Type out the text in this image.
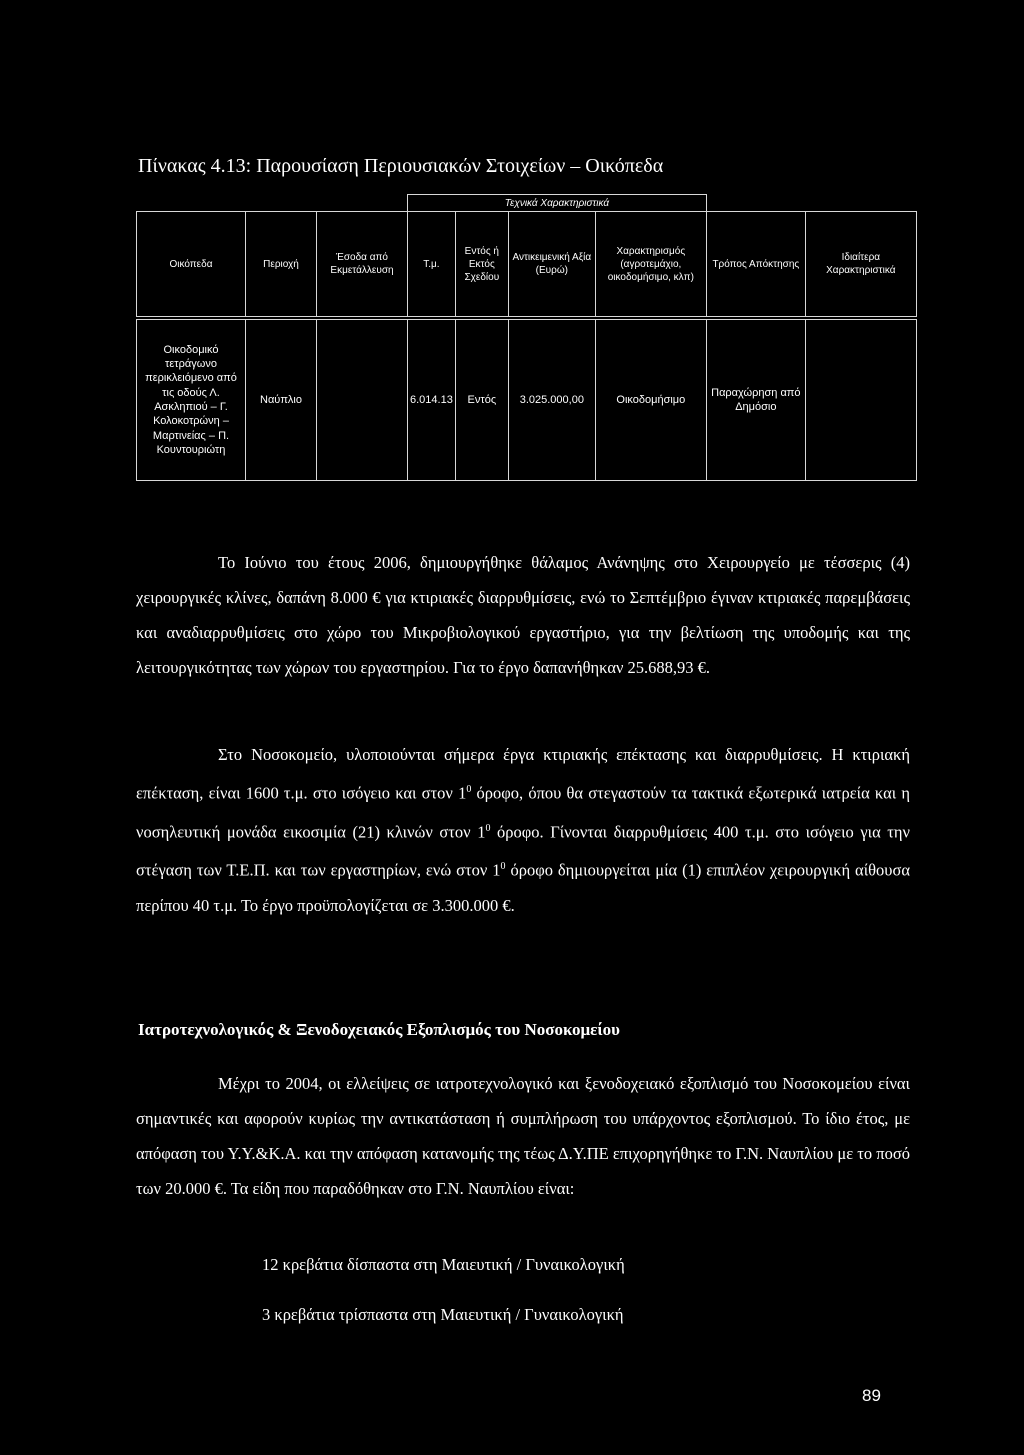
Πίνακας 4.13: Παρουσίαση Περιουσιακών Στοιχείων – Οικόπεδα
			Τεχνικά Χαρακτηριστικά					
Οικόπεδα	Περιοχή	Έσοδα από Εκμετάλλευση	Τ.μ.	Εντός ή Εκτός Σχεδίου	Αντικειμενική Αξία (Ευρώ)	Χαρακτηρισμός (αγροτεμάχιο, οικοδομήσιμο, κλπ)	Τρόπος Απόκτησης	Ιδιαίτερα Χαρακτηριστικά

Οικοδομικό τετράγωνο περικλειόμενο από τις οδούς Λ. Ασκληπιού – Γ. Κολοκοτρώνη – Μαρτινείας – Π. Κουντουριώτη	Ναύπλιο		6.014.13	Εντός	3.025.000,00	Οικοδομήσιμο	Παραχώρηση από Δημόσιο	

Το Ιούνιο του έτους 2006, δημιουργήθηκε θάλαμος Ανάνηψης στο Χειρουργείο με τέσσερις (4) χειρουργικές κλίνες, δαπάνη 8.000 € για κτιριακές διαρρυθμίσεις, ενώ το Σεπτέμβριο έγιναν κτιριακές παρεμβάσεις και αναδιαρρυθμίσεις στο χώρο του Μικροβιολογικού εργαστήριο, για την βελτίωση της υποδομής και της λειτουργικότητας των χώρων του εργαστηρίου. Για το έργο δαπανήθηκαν 25.688,93 €.

Στο Νοσοκομείο, υλοποιούνται σήμερα έργα κτιριακής επέκτασης και διαρρυθμίσεις. Η κτιριακή επέκταση, είναι 1600 τ.μ. στο ισόγειο και στον $1^0$ όροφο, όπου θα στεγαστούν τα τακτικά εξωτερικά ιατρεία και η νοσηλευτική μονάδα εικοσιμία (21) κλινών στον $1^0$ όροφο. Γίνονται διαρρυθμίσεις 400 τ.μ. στο ισόγειο για την στέγαση των Τ.Ε.Π. και των εργαστηρίων, ενώ στον $1^0$ όροφο δημιουργείται μία (1) επιπλέον χειρουργική αίθουσα περίπου 40 τ.μ. Το έργο προϋπολογίζεται σε 3.300.000 €.

Ιατροτεχνολογικός & Ξενοδοχειακός Εξοπλισμός του Νοσοκομείου

Μέχρι το 2004, οι ελλείψεις σε ιατροτεχνολογικό και ξενοδοχειακό εξοπλισμό του Νοσοκομείου είναι σημαντικές και αφορούν κυρίως την αντικατάσταση ή συμπλήρωση του υπάρχοντος εξοπλισμού. Το ίδιο έτος, με απόφαση του Υ.Υ.&Κ.Α. και την απόφαση κατανομής της τέως Δ.Υ.ΠΕ επιχορηγήθηκε το Γ.Ν. Ναυπλίου με το ποσό των 20.000 €. Τα είδη που παραδόθηκαν στο Γ.Ν. Ναυπλίου είναι:

12 κρεβάτια δίσπαστα στη Μαιευτική / Γυναικολογική
3 κρεβάτια τρίσπαστα στη Μαιευτική / Γυναικολογική
89
